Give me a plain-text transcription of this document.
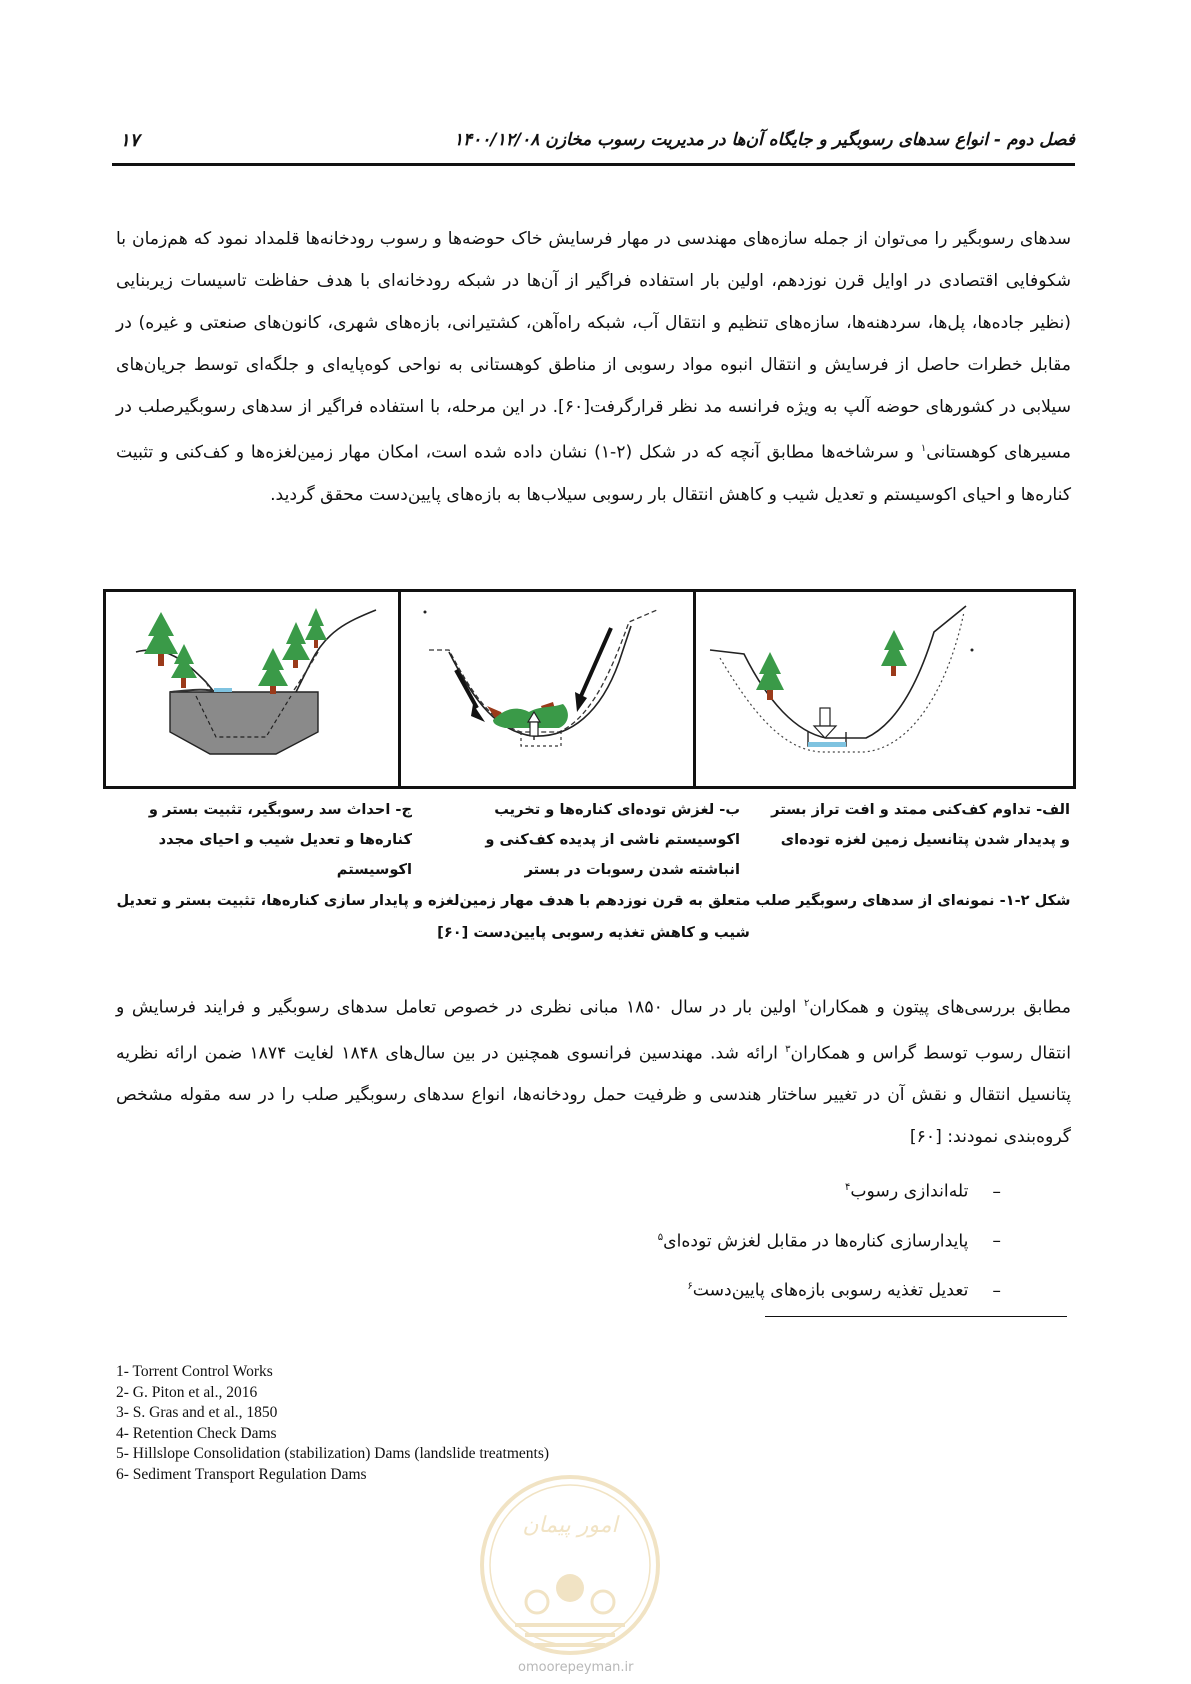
فصل دوم - انواع سدهای رسوبگیر و جایگاه آن‌ها در مدیریت رسوب مخازن ۱۴۰۰/۱۲/۰۸
۱۷

سدهای رسوبگیر را می‌توان از جمله سازه‌های مهندسی در مهار فرسایش خاک حوضه‌ها و رسوب رودخانه‌ها قلمداد نمود که هم‌زمان با شکوفایی اقتصادی در اوایل قرن نوزدهم، اولین بار استفاده فراگیر از آن‌ها در شبکه رودخانه‌ای با هدف حفاظت تاسیسات زیربنایی (نظیر جاده‌ها، پل‌ها، سردهنه‌ها، سازه‌های تنظیم و انتقال آب، شبکه راه‌آهن، کشتیرانی، بازه‌های شهری، کانون‌های صنعتی و غیره) در مقابل خطرات حاصل از فرسایش و انتقال انبوه مواد رسوبی از مناطق کوهستانی به نواحی کوه‌پایه‌ای و جلگه‌ای توسط جریان‌های سیلابی در کشورهای حوضه آلپ به ویژه فرانسه مد نظر قرارگرفت[۶۰]. در این مرحله، با استفاده فراگیر از سدهای رسوبگیرصلب در مسیرهای کوهستانی$^۱$ و سرشاخه‌ها مطابق آنچه که در شکل (۲-۱) نشان داده شده است، امکان مهار زمین‌لغزه‌ها و کف‌کنی و تثبیت کناره‌ها و احیای اکوسیستم و تعدیل شیب و کاهش انتقال بار رسوبی سیلاب‌ها به بازه‌های پایین‌دست محقق گردید.

الف- تداوم کف‌کنی ممتد و افت تراز بستر و پدیدار شدن پتانسیل زمین لغزه توده‌ای
ب- لغزش توده‌ای کناره‌ها و تخریب اکوسیستم ناشی از پدیده کف‌کنی و انباشته شدن رسوبات در بستر
ج- احداث سد رسوبگیر، تثبیت بستر و کناره‌ها و تعدیل شیب و احیای مجدد اکوسیستم

شکل ۲-۱- نمونه‌ای از سدهای رسوبگیر صلب متعلق به قرن نوزدهم با هدف مهار زمین‌لغزه و پایدار سازی کناره‌ها، تثبیت بستر و تعدیل شیب و کاهش تغذیه رسوبی پایین‌دست [۶۰]

مطابق بررسی‌های پیتون و همکاران$^۲$ اولین بار در سال ۱۸۵۰ مبانی نظری در خصوص تعامل سدهای رسوبگیر و فرایند فرسایش و انتقال رسوب توسط گراس و همکاران$^۳$ ارائه شد. مهندسین فرانسوی همچنین در بین سال‌های ۱۸۴۸ لغایت ۱۸۷۴ ضمن ارائه نظریه پتانسیل انتقال و نقش آن در تغییر ساختار هندسی و ظرفیت حمل رودخانه‌ها، انواع سدهای رسوبگیر صلب را در سه مقوله مشخص گروه‌بندی نمودند: [۶۰]

–تله‌اندازی رسوب$^۴$
–پایدارسازی کناره‌ها در مقابل لغزش توده‌ای$^۵$
–تعدیل تغذیه رسوبی بازه‌های پایین‌دست$^۶$
1- Torrent Control Works
2- G. Piton et al., 2016
3- S. Gras and et al., 1850
4- Retention Check Dams
5- Hillslope Consolidation (stabilization) Dams (landslide treatments)
6- Sediment Transport Regulation Dams
امور پیمان
omoorepeyman.ir
